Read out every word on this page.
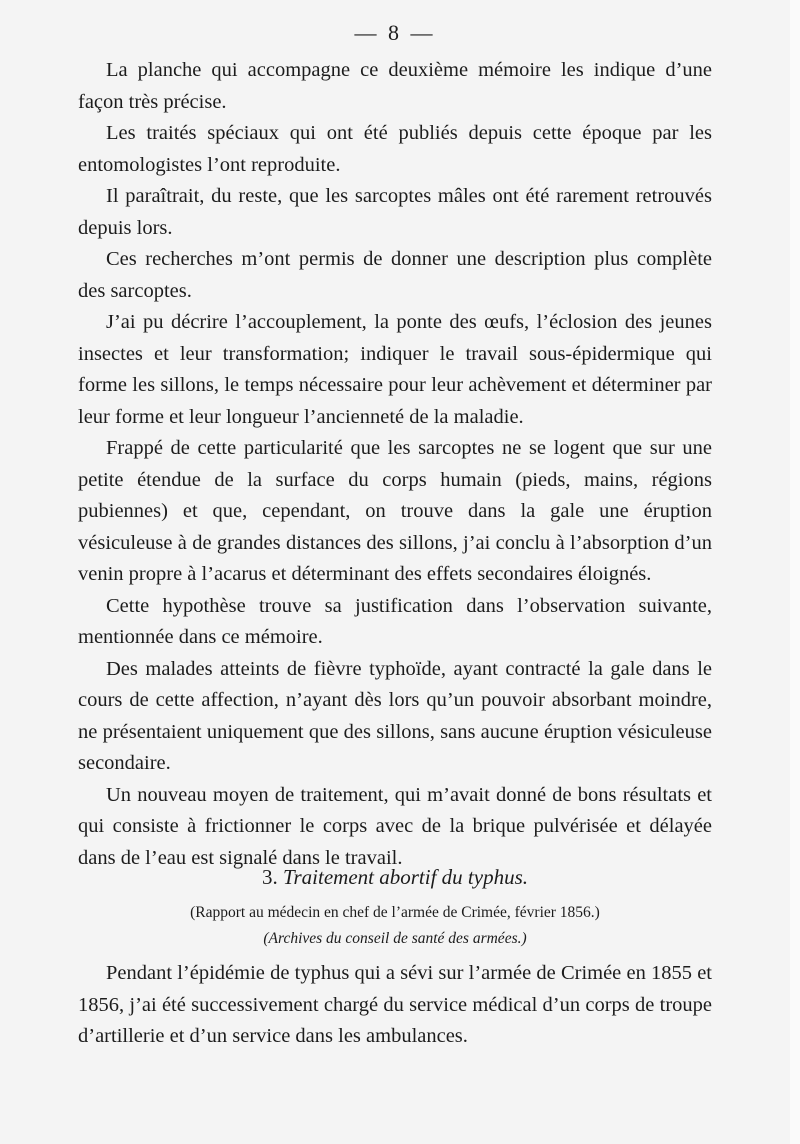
— 8 —

La planche qui accompagne ce deuxième mémoire les indique d’une façon très précise.

Les traités spéciaux qui ont été publiés depuis cette époque par les entomologistes l’ont reproduite.

Il paraîtrait, du reste, que les sarcoptes mâles ont été rarement retrouvés depuis lors.

Ces recherches m’ont permis de donner une description plus complète des sarcoptes.

J’ai pu décrire l’accouplement, la ponte des œufs, l’éclosion des jeunes insectes et leur transformation; indiquer le travail sous-épidermique qui forme les sillons, le temps nécessaire pour leur achèvement et déterminer par leur forme et leur longueur l’ancienneté de la maladie.

Frappé de cette particularité que les sarcoptes ne se logent que sur une petite étendue de la surface du corps humain (pieds, mains, régions pubiennes) et que, cependant, on trouve dans la gale une éruption vésiculeuse à de grandes distances des sillons, j’ai conclu à l’absorption d’un venin propre à l’acarus et déterminant des effets secondaires éloignés.

Cette hypothèse trouve sa justification dans l’observation suivante, mentionnée dans ce mémoire.

Des malades atteints de fièvre typhoïde, ayant contracté la gale dans le cours de cette affection, n’ayant dès lors qu’un pouvoir absorbant moindre, ne présentaient uniquement que des sillons, sans aucune éruption vésiculeuse secondaire.

Un nouveau moyen de traitement, qui m’avait donné de bons résultats et qui consiste à frictionner le corps avec de la brique pulvérisée et délayée dans de l’eau est signalé dans le travail.

3. Traitement abortif du typhus.

(Rapport au médecin en chef de l’armée de Crimée, février 1856.)

(Archives du conseil de santé des armées.)

Pendant l’épidémie de typhus qui a sévi sur l’armée de Crimée en 1855 et 1856, j’ai été successivement chargé du service médical d’un corps de troupe d’artillerie et d’un service dans les ambulances.
